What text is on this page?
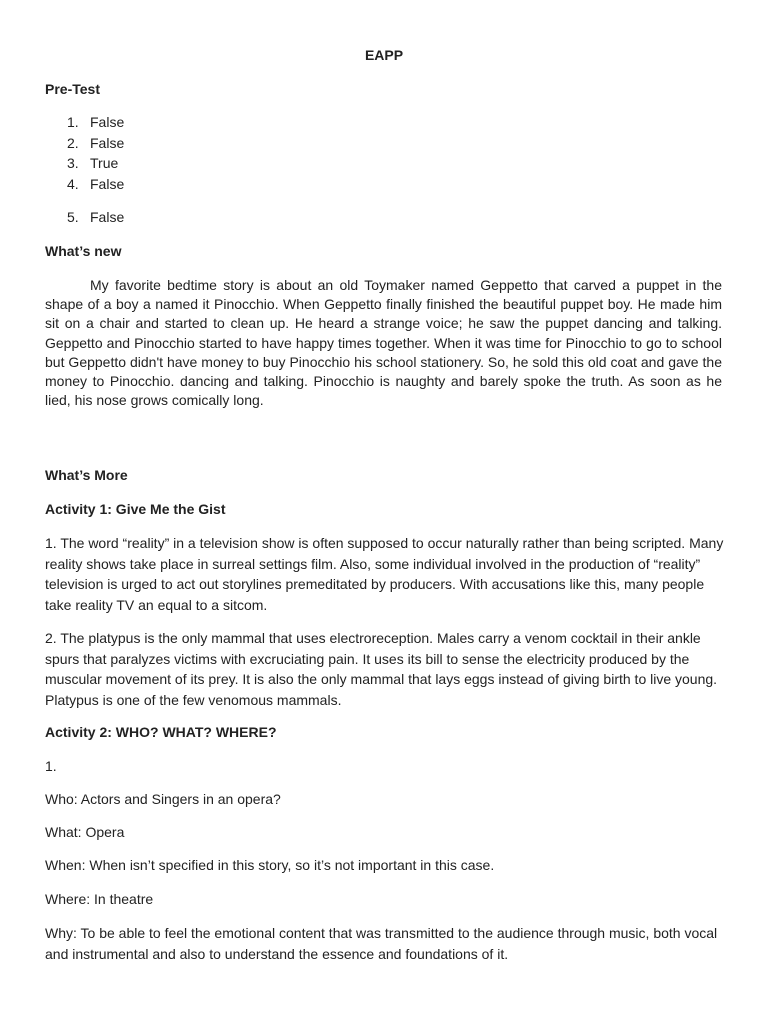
EAPP
Pre-Test
1. False
2. False
3. True
4. False
5. False
What’s new
My favorite bedtime story is about an old Toymaker named Geppetto that carved a puppet in the shape of a boy a named it Pinocchio. When Geppetto finally finished the beautiful puppet boy. He made him sit on a chair and started to clean up. He heard a strange voice; he saw the puppet dancing and talking. Geppetto and Pinocchio started to have happy times together. When it was time for Pinocchio to go to school but Geppetto didn't have money to buy Pinocchio his school stationery. So, he sold this old coat and gave the money to Pinocchio. dancing and talking. Pinocchio is naughty and barely spoke the truth. As soon as he lied, his nose grows comically long.
What’s More
Activity 1: Give Me the Gist
1. The word “reality” in a television show is often supposed to occur naturally rather than being scripted. Many reality shows take place in surreal settings film. Also, some individual involved in the production of “reality” television is urged to act out storylines premeditated by producers. With accusations like this, many people take reality TV an equal to a sitcom.
2. The platypus is the only mammal that uses electroreception. Males carry a venom cocktail in their ankle spurs that paralyzes victims with excruciating pain. It uses its bill to sense the electricity produced by the muscular movement of its prey. It is also the only mammal that lays eggs instead of giving birth to live young. Platypus is one of the few venomous mammals.
Activity 2: WHO? WHAT? WHERE?
1.
Who: Actors and Singers in an opera?
What: Opera
When: When isn’t specified in this story, so it’s not important in this case.
Where: In theatre
Why: To be able to feel the emotional content that was transmitted to the audience through music, both vocal and instrumental and also to understand the essence and foundations of it.
